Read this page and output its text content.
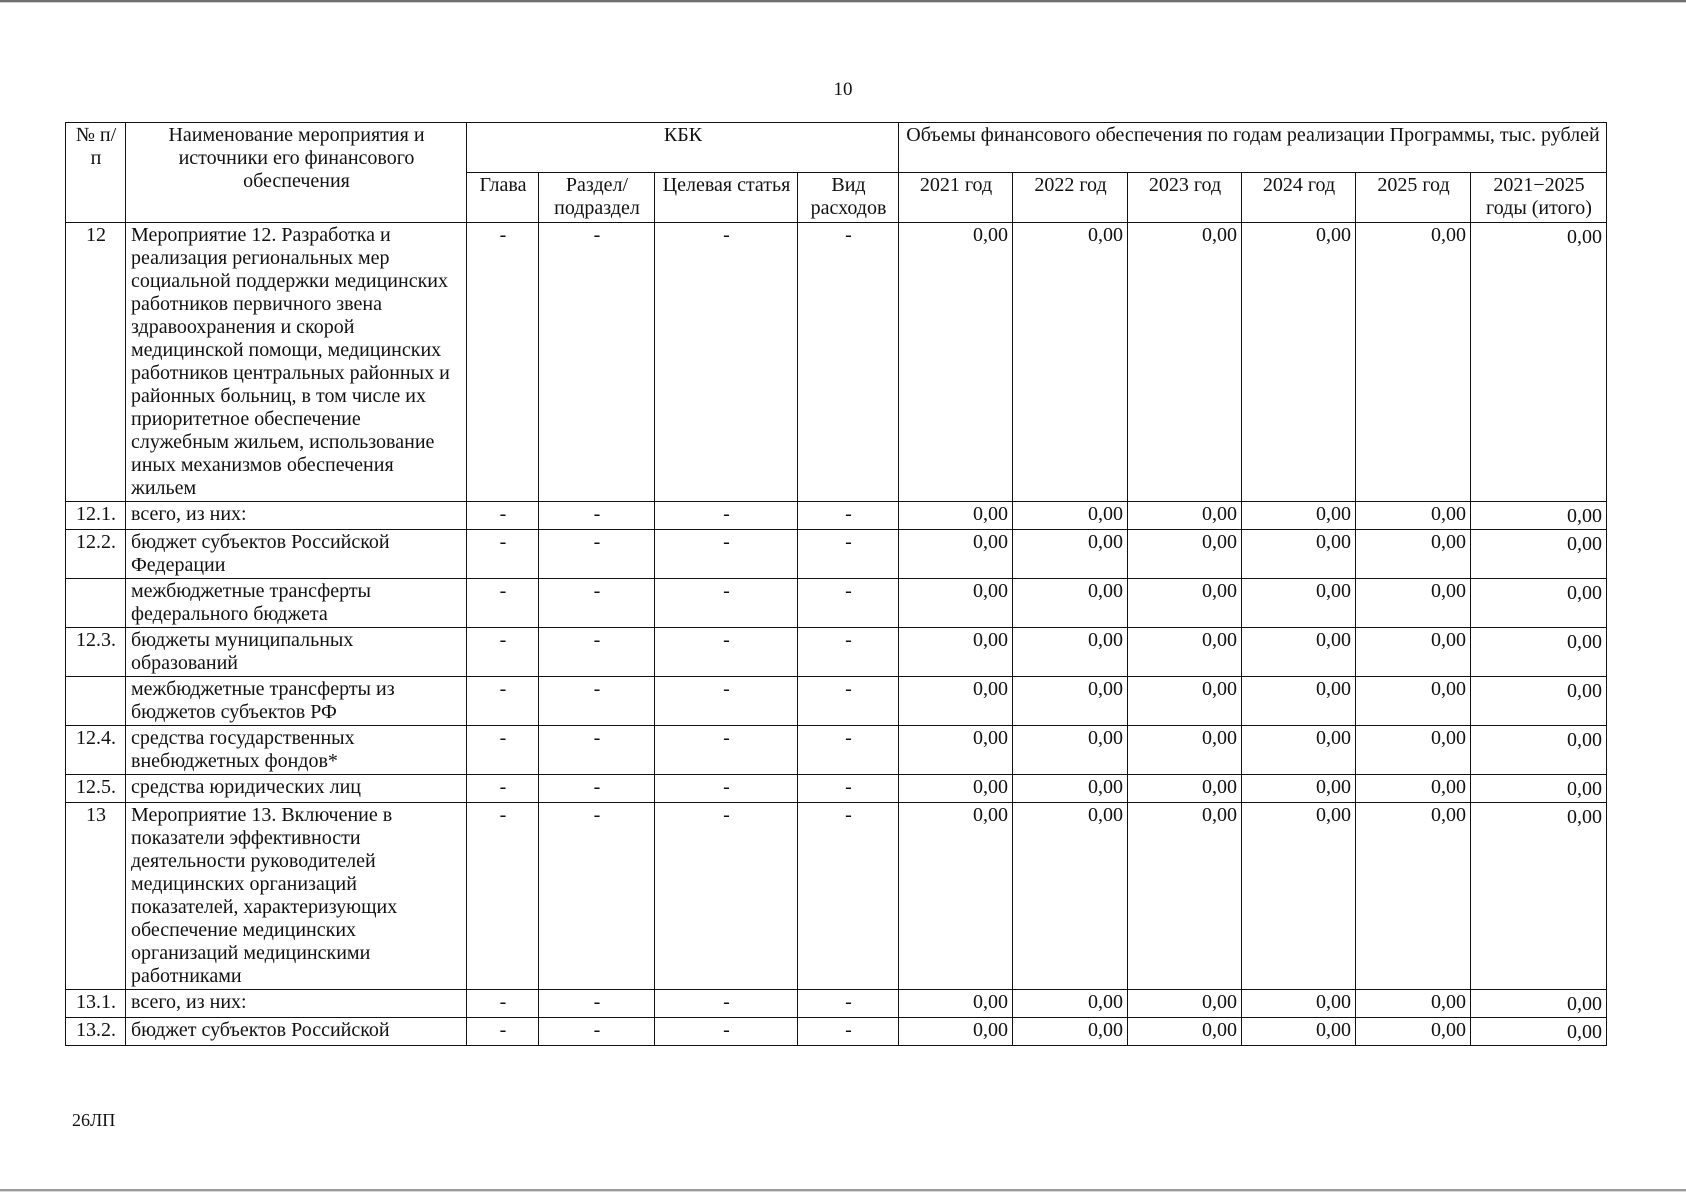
10
№ п/п	Наименование мероприятия и источники его финансового обеспечения	КБК				Объемы финансового обеспечения по годам реализации Программы, тыс. рублей					
		Глава	Раздел/ подраздел	Целевая статья	Вид расходов	2021 год	2022 год	2023 год	2024 год	2025 год	2021−2025 годы (итого)
12	Мероприятие 12. Разработка и реализация региональных мер социальной поддержки медицинских работников первичного звена здравоохранения и скорой медицинской помощи, медицинских работников центральных районных и районных больниц, в том числе их приоритетное обеспечение служебным жильем, использование иных механизмов обеспечения жильем	-	-	-	-	0,00	0,00	0,00	0,00	0,00	0,00
12.1.	всего, из них:	-	-	-	-	0,00	0,00	0,00	0,00	0,00	0,00
12.2.	бюджет субъектов Российской Федерации	-	-	-	-	0,00	0,00	0,00	0,00	0,00	0,00
	межбюджетные трансферты федерального бюджета	-	-	-	-	0,00	0,00	0,00	0,00	0,00	0,00
12.3.	бюджеты муниципальных образований	-	-	-	-	0,00	0,00	0,00	0,00	0,00	0,00
	межбюджетные трансферты из бюджетов субъектов РФ	-	-	-	-	0,00	0,00	0,00	0,00	0,00	0,00
12.4.	средства государственных внебюджетных фондов*	-	-	-	-	0,00	0,00	0,00	0,00	0,00	0,00
12.5.	средства юридических лиц	-	-	-	-	0,00	0,00	0,00	0,00	0,00	0,00
13	Мероприятие 13. Включение в показатели эффективности деятельности руководителей медицинских организаций показателей, характеризующих обеспечение медицинских организаций медицинскими работниками	-	-	-	-	0,00	0,00	0,00	0,00	0,00	0,00
13.1.	всего, из них:	-	-	-	-	0,00	0,00	0,00	0,00	0,00	0,00
13.2.	бюджет субъектов Российской	-	-	-	-	0,00	0,00	0,00	0,00	0,00	0,00
26ЛП
